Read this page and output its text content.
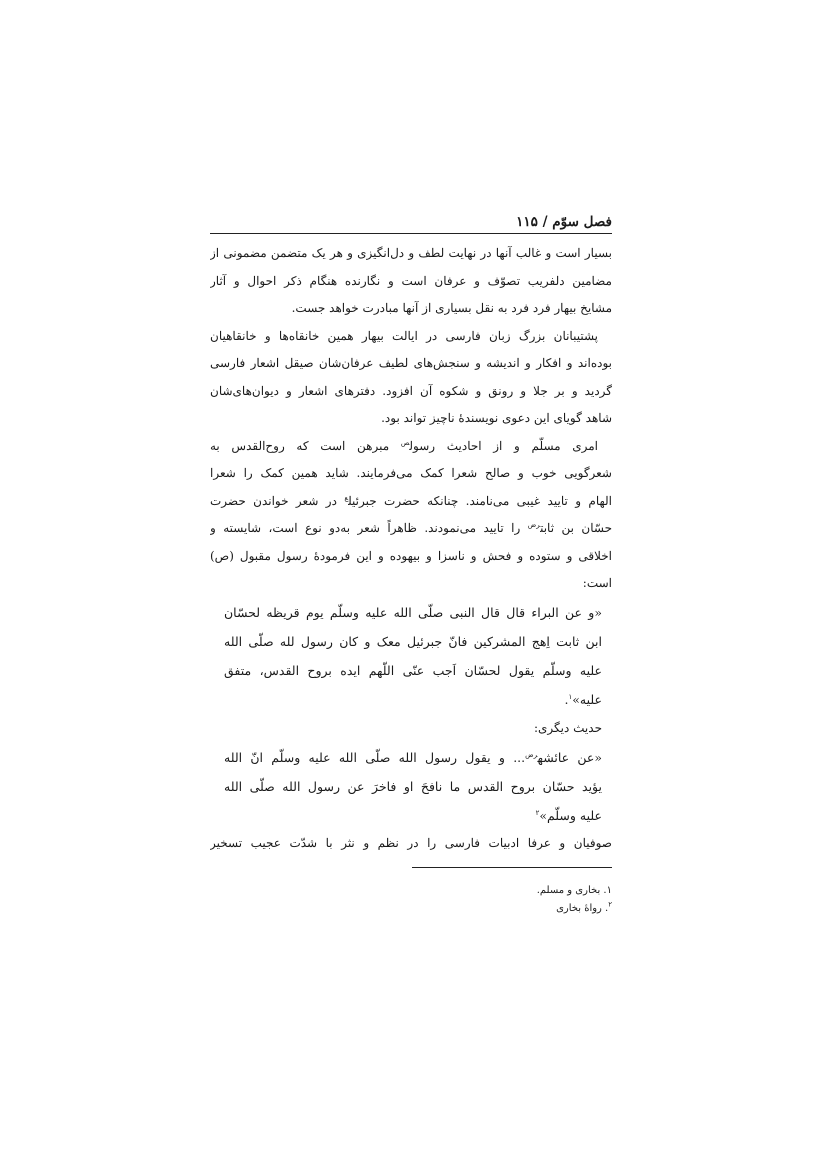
فصل سوّم / ۱۱۵
بسیار است و غالب آنها در نهایت لطف و دل‌انگیزی و هر یک متضمن مضمونی از
مضامین دلفریب تصوّف و عرفان است و نگارنده هنگام ذکر احوال و آثار
مشایخ بیهار فرد فرد به نقل بسیاری از آنها مبادرت خواهد جست.
پشتیبانان بزرگ زبان فارسی در ایالت بیهار همین خانقاه‌ها و خانقاهیان
بوده‌اند و افکار و اندیشه و سنجش‌های لطیف عرفان‌شان صیقل اشعار فارسی
گردید و بر جلا و رونق و شکوه آن افزود. دفترهای اشعار و دیوان‌های‌شان
شاهد گویای این دعوی نویسندۀ ناچیز تواند بود.
امری مسلّم و از احادیث رسول$^ص$ مبرهن است که روح‌القدس به
شعرگویی خوب و صالح شعرا کمک می‌فرمایند. شاید همین کمک را شعرا
الهام و تایید غیبی می‌نامند. چنانکه حضرت جبرئیل$^ع$ در شعر خواندن حضرت
حسّان بن ثابت$^{رض}$ را تایید می‌نمودند. ظاهراً شعر به‌دو نوع است، شایسته و
اخلاقی و ستوده و فحش و ناسزا و بیهوده و این فرمودۀ رسول مقبول (ص)
است:
«و عن البراء قال قال النبی صلّی الله علیه وسلّم یوم قریظه لحسّان
ابن ثابت اِهج المشرکین فانّ جبرئیل معک و کان رسول لله صلّی الله
علیه وسلّم یقول لحسّان اَجب عنّی اللّهم ایده بروح القدس، متفق
علیه»$^۱$.
حدیث دیگری:
«عن عائشه$^{رض}$... و یقول رسول الله صلّی الله علیه وسلّم انّ الله
یؤید حسّان بروح القدس ما نافحَ او فاخرَ عن رسول الله صلّی الله
علیه وسلّم»$^۲$
صوفیان و عرفا ادبیات فارسی را در نظم و نثر با شدّت عجیب تسخیر
۱. بخاری و مسلم.
$^۲$. رواۀ بخاری
